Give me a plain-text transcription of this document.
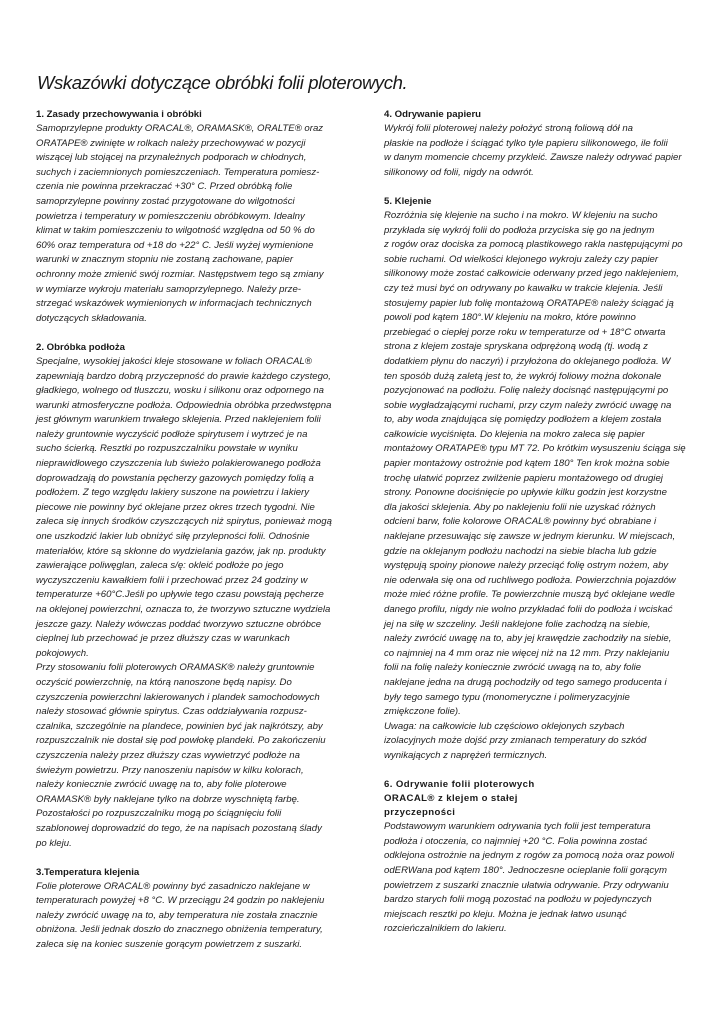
Wskazówki dotyczące obróbki folii ploterowych.

1. Zasady przechowywania i obróbki

Samoprzylepne produkty ORACAL®, ORAMASK®, ORALTE® oraz
ORATAPE® zwinięte w rolkach należy przechowywać w pozycji
wiszącej lub stojącej na przynależnych podporach w chłodnych,
suchych i zaciemnionych pomieszczeniach. Temperatura pomiesz-
czenia nie powinna przekraczać +30° C. Przed obróbką folie
samoprzylepne powinny zostać przygotowane do wilgotności
powietrza i temperatury w pomieszczeniu obróbkowym. Idealny
klimat w takim pomieszczeniu to wilgotność względna od 50 % do
60% oraz temperatura od +18 do +22° C. Jeśli wyżej wymienione
warunki w znacznym stopniu nie zostaną zachowane, papier
ochronny może zmienić swój rozmiar. Następstwem tego są zmiany
w wymiarze wykroju materiału samoprzylepnego. Należy prze-
strzegać wskazówek wymienionych w informacjach technicznych
dotyczących składowania.

2. Obróbka podłoża

Specjalne, wysokiej jakości kleje stosowane w foliach ORACAL®
zapewniają bardzo dobrą przyczepność do prawie każdego czystego,
gładkiego, wolnego od tłuszczu, wosku i silikonu oraz odpornego na
warunki atmosferyczne podłoża. Odpowiednia obróbka przedwstępna
jest głównym warunkiem trwałego sklejenia. Przed naklejeniem folii
należy gruntownie wyczyścić podłoże spirytusem i wytrzeć je na
sucho ścierką. Resztki po rozpuszczalniku powstałe w wyniku
nieprawidłowego czyszczenia lub świeżo polakierowanego podłoża
doprowadzają do powstania pęcherzy gazowych pomiędzy folią a
podłożem. Z tego względu lakiery suszone na powietrzu i lakiery
piecowe nie powinny być oklejane przez okres trzech tygodni. Nie
zaleca się innych środków czyszczących niż spirytus, ponieważ mogą
one uszkodzić lakier lub obniżyć siłę przylepności folii. Odnośnie
materiałów, które są skłonne do wydzielania gazów, jak np. produkty
zawierające poliwęglan, zaleca s/ę: okleić podłoże po jego
wyczyszczeniu kawałkiem folii i przechować przez 24 godziny w
temperaturze +60°C.Jeśli po upływie tego czasu powstają pęcherze
na oklejonej powierzchni, oznacza to, że tworzywo sztuczne wydziela
jeszcze gazy. Należy wówczas poddać tworzywo sztuczne obróbce
cieplnej lub przechować je przez dłuższy czas w warunkach
pokojowych.
Przy stosowaniu folii ploterowych ORAMASK® należy gruntownie
oczyścić powierzchnię, na którą nanoszone będą napisy. Do
czyszczenia powierzchni lakierowanych i plandek samochodowych
należy stosować głównie spirytus. Czas oddziaływania rozpusz-
czalnika, szczególnie na plandece, powinien być jak najkrótszy, aby
rozpuszczalnik nie dostał się pod powłokę plandeki. Po zakończeniu
czyszczenia należy przez dłuższy czas wywietrzyć podłoże na
świeżym powietrzu. Przy nanoszeniu napisów w kilku kolorach,
należy koniecznie zwrócić uwagę na to, aby folie ploterowe
ORAMASK® były naklejane tylko na dobrze wyschniętą farbę.
Pozostałości po rozpuszczalniku mogą po ściągnięciu folii
szablonowej doprowadzić do tego, że na napisach pozostaną ślady
po kleju.

3.Temperatura klejenia

Folie ploterowe ORACAL® powinny być zasadniczo naklejane w
temperaturach powyżej +8 °C. W przeciągu 24 godzin po naklejeniu
należy zwrócić uwagę na to, aby temperatura nie została znacznie
obniżona. Jeśli jednak doszło do znacznego obniżenia temperatury,
zaleca się na koniec suszenie gorącym powietrzem z suszarki.

4. Odrywanie papieru

Wykrój folii ploterowej należy położyć stroną foliową dół na
płaskie na podłoże i ściągać tylko tyle papieru silikonowego, ile folii
w danym momencie chcemy przykleić. Zawsze należy odrywać papier
silikonowy od folii, nigdy na odwrót.

5. Klejenie

Rozróżnia się klejenie na sucho i na mokro. W klejeniu na sucho
przykłada się wykrój folii do podłoża przyciska się go na jednym
z rogów oraz dociska za pomocą plastikowego rakla następującymi po
sobie ruchami. Od wielkości klejonego wykroju zależy czy papier
silikonowy może zostać całkowicie oderwany przed jego naklejeniem,
czy też musi być on odrywany po kawałku w trakcie klejenia. Jeśli
stosujemy papier lub folię montażową ORATAPE® należy ściągać ją
powoli pod kątem 180°.W klejeniu na mokro, które powinno
przebiegać o ciepłej porze roku w temperaturze od + 18°C otwarta
strona z klejem zostaje spryskana odprężoną wodą (tj. wodą z
dodatkiem płynu do naczyń) i przyłożona do oklejanego podłoża. W
ten sposób dużą zaletą jest to, że wykrój foliowy można dokonale
pozycjonować na podłożu. Folię należy docisnąć następującymi po
sobie wygładzającymi ruchami, przy czym należy zwrócić uwagę na
to, aby woda znajdująca się pomiędzy podłożem a klejem została
całkowicie wyciśnięta. Do klejenia na mokro zaleca się papier
montażowy ORATAPE® typu MT 72. Po krótkim wysuszeniu ściąga się
papier montażowy ostrożnie pod kątem 180° Ten krok można sobie
trochę ułatwić poprzez zwilżenie papieru montażowego od drugiej
strony. Ponowne dociśnięcie po upływie kilku godzin jest korzystne
dla jakości sklejenia. Aby po naklejeniu folii nie uzyskać różnych
odcieni barw, folie kolorowe ORACAL® powinny być obrabiane i
naklejane przesuwając się zawsze w jednym kierunku. W miejscach,
gdzie na oklejanym podłożu nachodzi na siebie blacha lub gdzie
występują spoiny pionowe należy przeciąć folię ostrym nożem, aby
nie oderwała się ona od ruchliwego podłoża. Powierzchnia pojazdów
może mieć różne profile. Te powierzchnie muszą być oklejane wedle
danego profilu, nigdy nie wolno przykładać folii do podłoża i wciskać
jej na siłę w szczeliny. Jeśli naklejone folie zachodzą na siebie,
należy zwrócić uwagę na to, aby jej krawędzie zachodziły na siebie,
co najmniej na 4 mm oraz nie więcej niż na 12 mm. Przy naklejaniu
folii na folię należy koniecznie zwrócić uwagą na to, aby folie
naklejane jedna na drugą pochodziły od tego samego producenta i
były tego samego typu (monomeryczne i polimeryzacyjnie
zmiękczone folie).
Uwaga: na całkowicie lub częściowo oklejonych szybach
izolacyjnych może dojść przy zmianach temperatury do szkód
wynikających z naprężeń termicznych.

6. Odrywanie folii ploterowych
ORACAL® z klejem o stałej
przyczepności

Podstawowym warunkiem odrywania tych folii jest temperatura
podłoża i otoczenia, co najmniej +20 °C. Folia powinna zostać
odklejona ostrożnie na jednym z rogów za pomocą noża oraz powoli
odERWana pod kątem 180°. Jednoczesne ocieplanie folii gorącym
powietrzem z suszarki znacznie ułatwia odrywanie. Przy odrywaniu
bardzo starych folii mogą pozostać na podłożu w pojedynczych
miejscach resztki po kleju. Można je jednak łatwo usunąć
rozcieńczalnikiem do lakieru.
